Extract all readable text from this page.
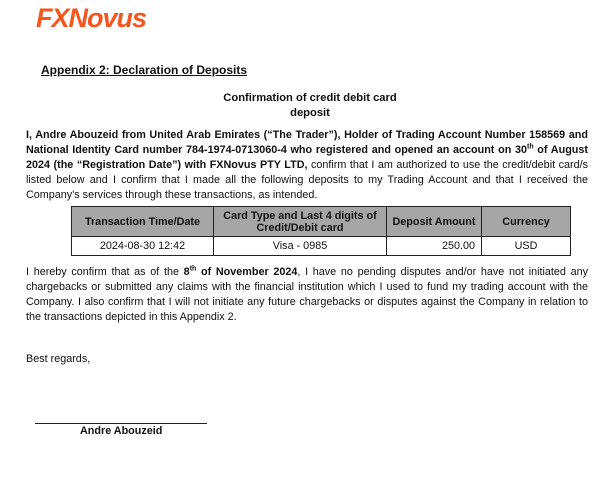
FXNovus
Appendix 2: Declaration of Deposits
Confirmation of credit debit card
deposit
I, Andre Abouzeid from United Arab Emirates (“The Trader”), Holder of Trading Account Number 158569 and National Identity Card number 784-1974-0713060-4 who registered and opened an account on 30th of August 2024 (the “Registration Date”) with FXNovus PTY LTD, confirm that I am authorized to use the credit/debit card/s listed below and I confirm that I made all the following deposits to my Trading Account and that I received the Company's services through these transactions, as intended.
Transaction Time/Date	Card Type and Last 4 digits of Credit/Debit card	Deposit Amount	Currency
2024-08-30 12:42	Visa - 0985	250.00	USD
I hereby confirm that as of the 8th of November 2024, I have no pending disputes and/or have not initiated any chargebacks or submitted any claims with the financial institution which I used to fund my trading account with the Company. I also confirm that I will not initiate any future chargebacks or disputes against the Company in relation to the transactions depicted in this Appendix 2.
Best regards,
Andre Abouzeid
